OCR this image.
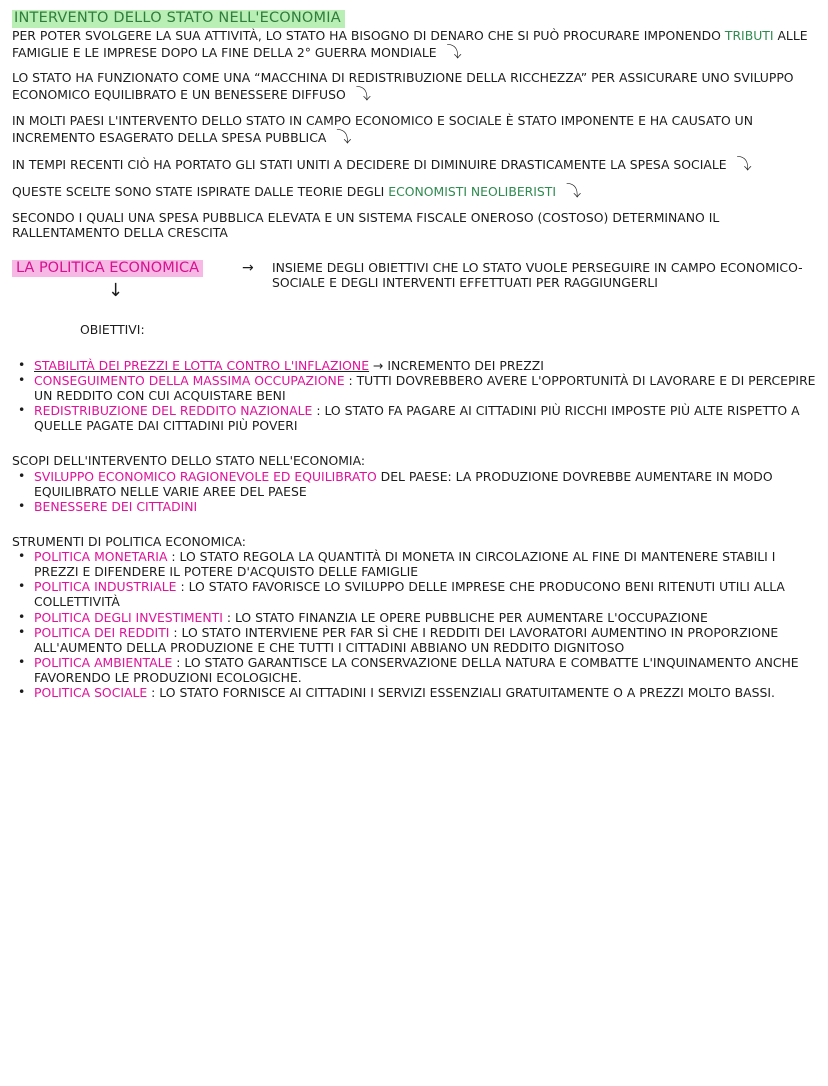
INTERVENTO DELLO STATO NELL'ECONOMIA

PER POTER SVOLGERE LA SUA ATTIVITÀ, LO STATO HA BISOGNO DI DENARO CHE SI PUÒ PROCURARE IMPONENDO TRIBUTI ALLE FAMIGLIE E LE IMPRESE DOPO LA FINE DELLA 2° GUERRA MONDIALE ⤵

LO STATO HA FUNZIONATO COME UNA “MACCHINA DI REDISTRIBUZIONE DELLA RICCHEZZA” PER ASSICURARE UNO SVILUPPO ECONOMICO EQUILIBRATO E UN BENESSERE DIFFUSO ⤵

IN MOLTI PAESI L'INTERVENTO DELLO STATO IN CAMPO ECONOMICO E SOCIALE È STATO IMPONENTE E HA CAUSATO UN INCREMENTO ESAGERATO DELLA SPESA PUBBLICA ⤵

IN TEMPI RECENTI CIÒ HA PORTATO GLI STATI UNITI A DECIDERE DI DIMINUIRE DRASTICAMENTE LA SPESA SOCIALE ⤵

QUESTE SCELTE SONO STATE ISPIRATE DALLE TEORIE DEGLI ECONOMISTI NEOLIBERISTI ⤵

SECONDO I QUALI UNA SPESA PUBBLICA ELEVATA E UN SISTEMA FISCALE ONEROSO (COSTOSO) DETERMINANO IL RALLENTAMENTO DELLA CRESCITA

LA POLITICA ECONOMICA	→ INSIEME DEGLI OBIETTIVI CHE LO STATO VUOLE PERSEGUIRE IN CAMPO ECONOMICO-SOCIALE E DEGLI INTERVENTI EFFETTUATI PER RAGGIUNGERLI
↓
OBIETTIVI:
• STABILITÀ DEI PREZZI E LOTTA CONTRO L'INFLAZIONE → INCREMENTO DEI PREZZI
• CONSEGUIMENTO DELLA MASSIMA OCCUPAZIONE : TUTTI DOVREBBERO AVERE L'OPPORTUNITÀ DI LAVORARE E DI PERCEPIRE UN REDDITO CON CUI ACQUISTARE BENI
• REDISTRIBUZIONE DEL REDDITO NAZIONALE : LO STATO FA PAGARE AI CITTADINI PIÙ RICCHI IMPOSTE PIÙ ALTE RISPETTO A QUELLE PAGATE DAI CITTADINI PIÙ POVERI

SCOPI DELL'INTERVENTO DELLO STATO NELL'ECONOMIA:

• SVILUPPO ECONOMICO RAGIONEVOLE ED EQUILIBRATO DEL PAESE: LA PRODUZIONE DOVREBBE AUMENTARE IN MODO EQUILIBRATO NELLE VARIE AREE DEL PAESE
• BENESSERE DEI CITTADINI

STRUMENTI DI POLITICA ECONOMICA:

• POLITICA MONETARIA : LO STATO REGOLA LA QUANTITÀ DI MONETA IN CIRCOLAZIONE AL FINE DI MANTENERE STABILI I PREZZI E DIFENDERE IL POTERE D'ACQUISTO DELLE FAMIGLIE
• POLITICA INDUSTRIALE : LO STATO FAVORISCE LO SVILUPPO DELLE IMPRESE CHE PRODUCONO BENI RITENUTI UTILI ALLA COLLETTIVITÀ
• POLITICA DEGLI INVESTIMENTI : LO STATO FINANZIA LE OPERE PUBBLICHE PER AUMENTARE L'OCCUPAZIONE
• POLITICA DEI REDDITI : LO STATO INTERVIENE PER FAR SÌ CHE I REDDITI DEI LAVORATORI AUMENTINO IN PROPORZIONE ALL'AUMENTO DELLA PRODUZIONE E CHE TUTTI I CITTADINI ABBIANO UN REDDITO DIGNITOSO
• POLITICA AMBIENTALE : LO STATO GARANTISCE LA CONSERVAZIONE DELLA NATURA E COMBATTE L'INQUINAMENTO ANCHE FAVORENDO LE PRODUZIONI ECOLOGICHE.
• POLITICA SOCIALE : LO STATO FORNISCE AI CITTADINI I SERVIZI ESSENZIALI GRATUITAMENTE O A PREZZI MOLTO BASSI.
